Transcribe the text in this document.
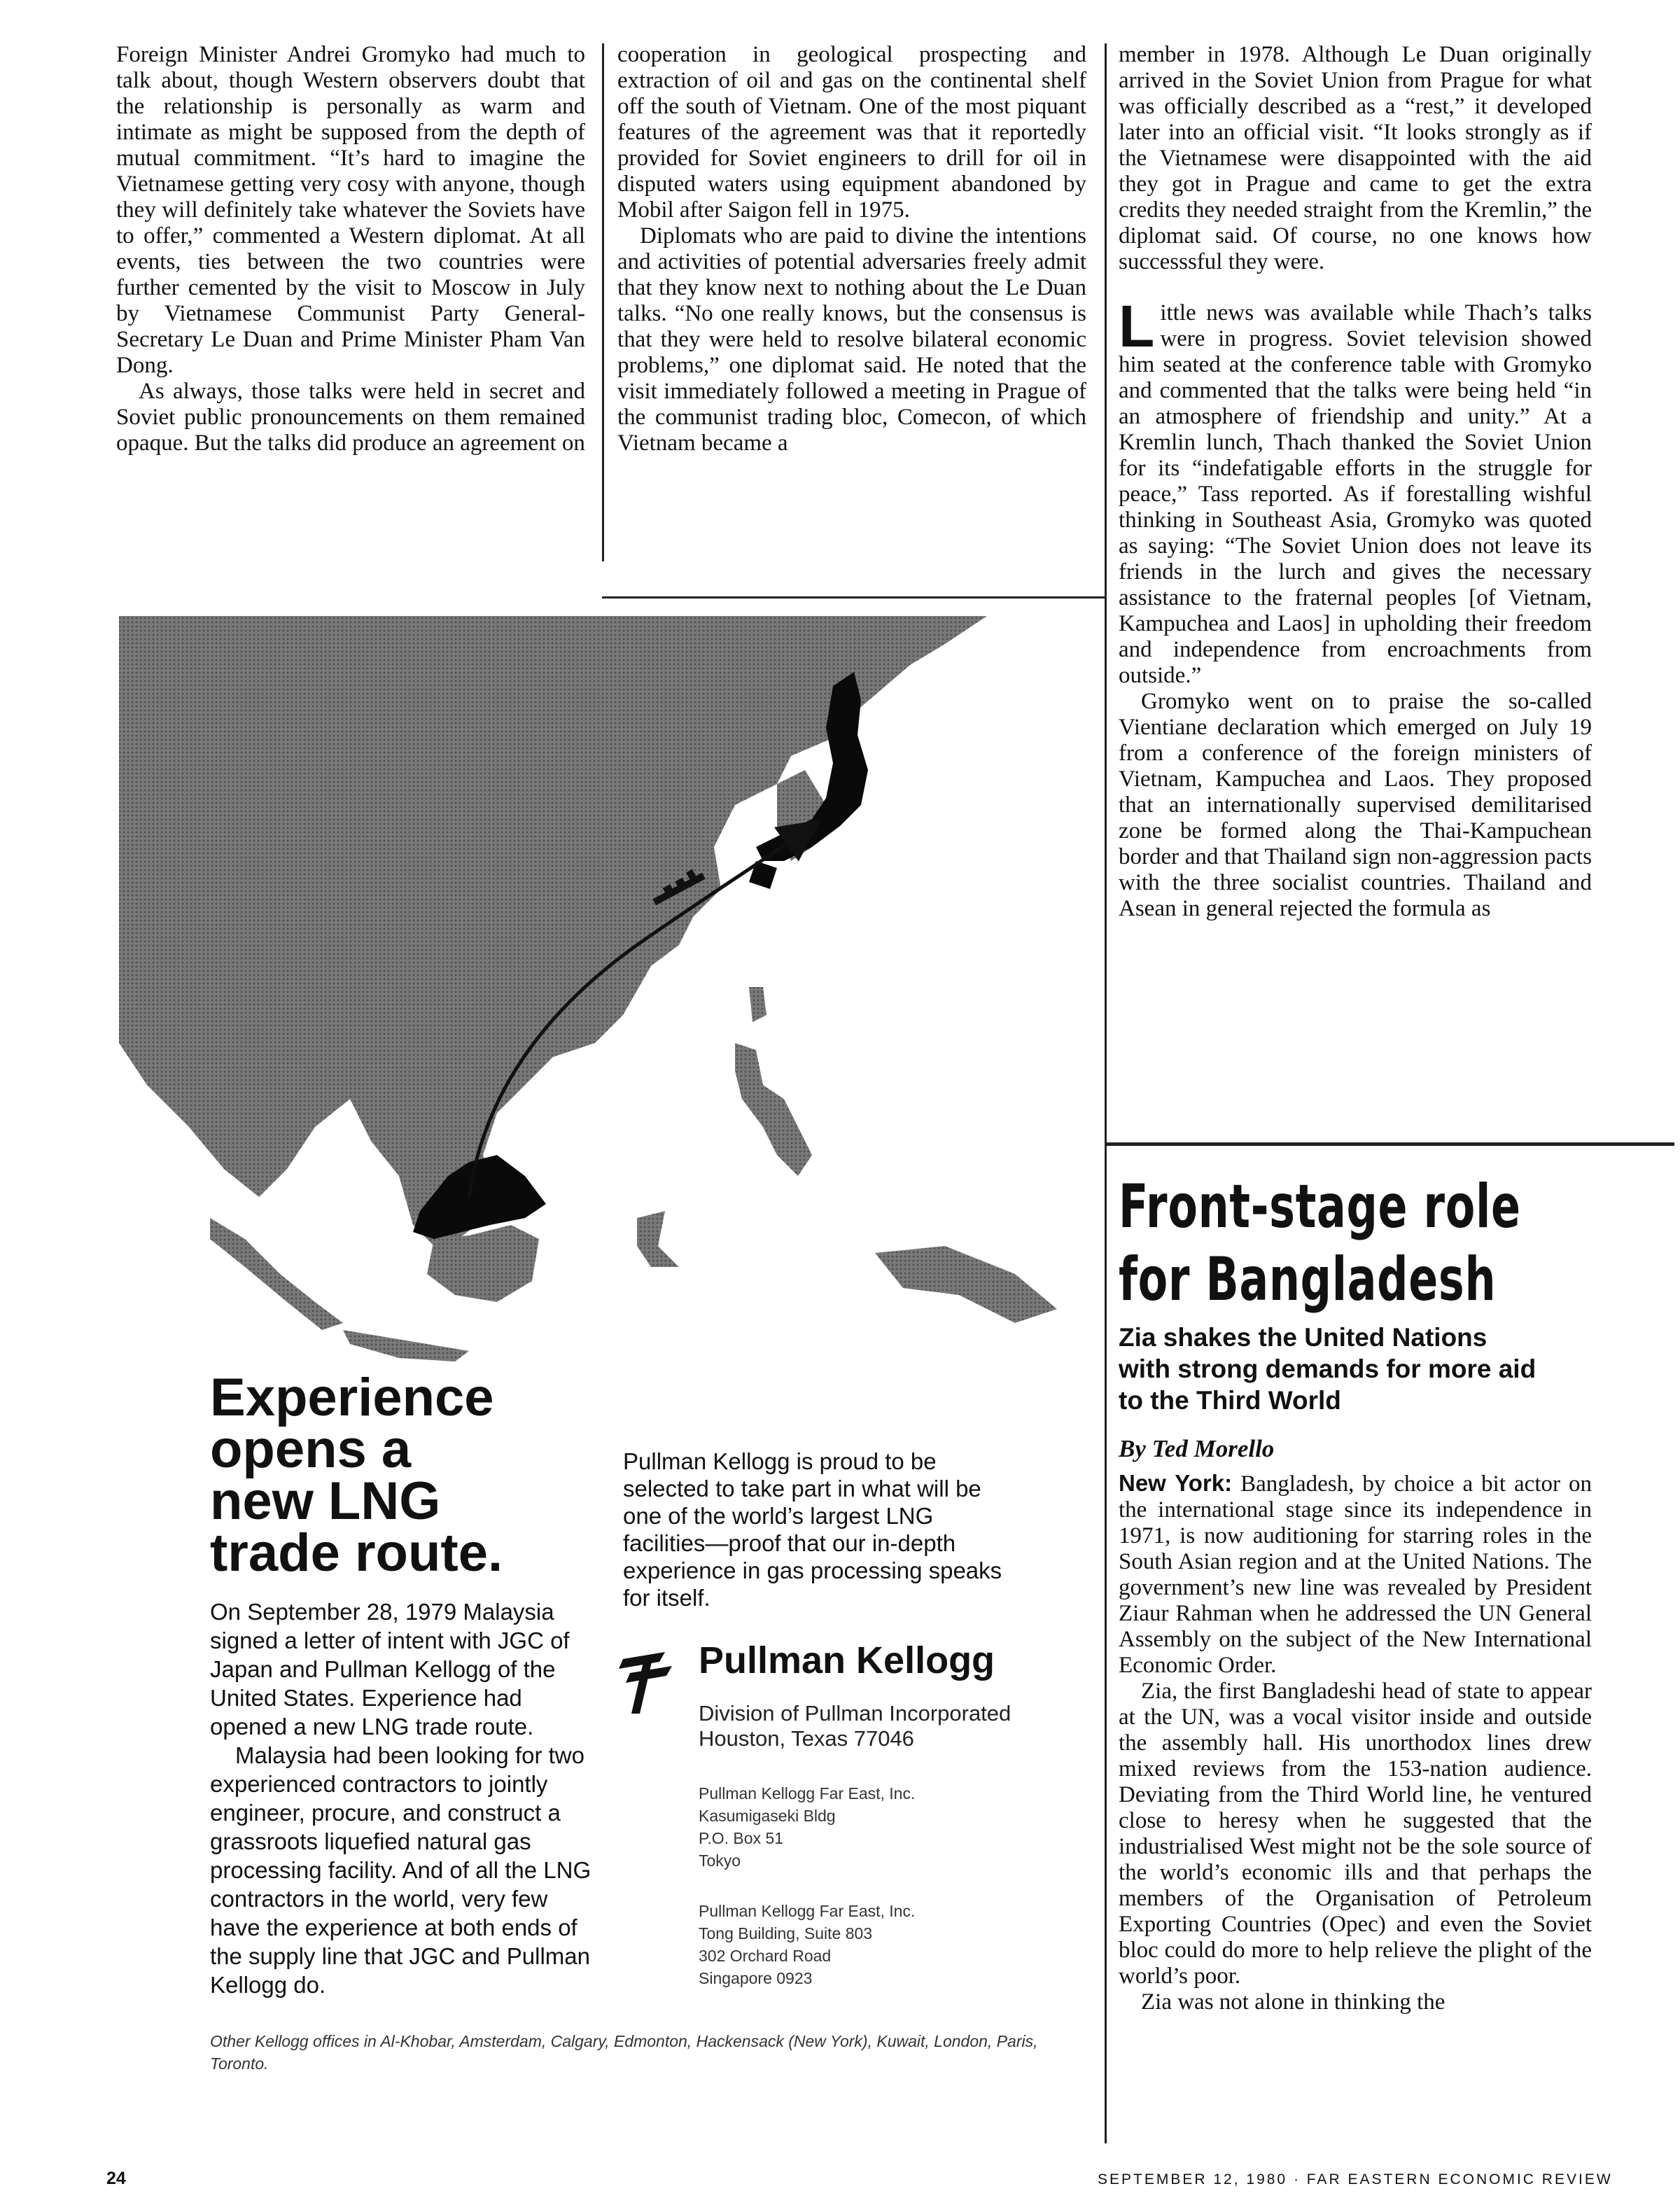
Foreign Minister Andrei Gromyko had much to talk about, though Western observers doubt that the relationship is personally as warm and intimate as might be supposed from the depth of mutual commitment. “It’s hard to imagine the Vietnamese getting very cosy with anyone, though they will definitely take whatever the Soviets have to offer,” commented a Western diplomat. At all events, ties between the two countries were further cemented by the visit to Moscow in July by Vietnamese Communist Party General-Secretary Le Duan and Prime Minister Pham Van Dong.

As always, those talks were held in secret and Soviet public pronouncements on them remained opaque. But the talks did produce an agreement on

cooperation in geological prospecting and extraction of oil and gas on the continental shelf off the south of Vietnam. One of the most piquant features of the agreement was that it reportedly provided for Soviet engineers to drill for oil in disputed waters using equipment abandoned by Mobil after Saigon fell in 1975.

Diplomats who are paid to divine the intentions and activities of potential adversaries freely admit that they know next to nothing about the Le Duan talks. “No one really knows, but the consensus is that they were held to resolve bilateral economic problems,” one diplomat said. He noted that the visit immediately followed a meeting in Prague of the communist trading bloc, Comecon, of which Vietnam became a

member in 1978. Although Le Duan originally arrived in the Soviet Union from Prague for what was officially described as a “rest,” it developed later into an official visit. “It looks strongly as if the Vietnamese were disappointed with the aid they got in Prague and came to get the extra credits they needed straight from the Kremlin,” the diplomat said. Of course, no one knows how successsful they were.

Little news was available while Thach’s talks were in progress. Soviet television showed him seated at the conference table with Gromyko and commented that the talks were being held “in an atmosphere of friendship and unity.” At a Kremlin lunch, Thach thanked the Soviet Union for its “indefatigable efforts in the struggle for peace,” Tass reported. As if forestalling wishful thinking in Southeast Asia, Gromyko was quoted as saying: “The Soviet Union does not leave its friends in the lurch and gives the necessary assistance to the fraternal peoples [of Vietnam, Kampuchea and Laos] in upholding their freedom and independence from encroachments from outside.”

Gromyko went on to praise the so-called Vientiane declaration which emerged on July 19 from a conference of the foreign ministers of Vietnam, Kampuchea and Laos. They proposed that an internationally supervised demilitarised zone be formed along the Thai-Kampuchean border and that Thailand sign non-aggression pacts with the three socialist countries. Thailand and Asean in general rejected the formula as

Experience
opens a
new LNG
trade route.

On September 28, 1979 Malaysia signed a letter of intent with JGC of Japan and Pullman Kellogg of the United States. Experience had opened a new LNG trade route.

Malaysia had been looking for two experienced contractors to jointly engineer, procure, and construct a grassroots liquefied natural gas processing facility. And of all the LNG contractors in the world, very few have the experience at both ends of the supply line that JGC and Pullman Kellogg do.

Pullman Kellogg is proud to be selected to take part in what will be one of the world’s largest LNG facilities—proof that our in-depth experience in gas processing speaks for itself.

Pullman Kellogg

Division of Pullman Incorporated
Houston, Texas 77046

Pullman Kellogg Far East, Inc.
Kasumigaseki Bldg
P.O. Box 51
Tokyo

Pullman Kellogg Far East, Inc.
Tong Building, Suite 803
302 Orchard Road
Singapore 0923

Other Kellogg offices in Al-Khobar, Amsterdam, Calgary, Edmonton, Hackensack (New York), Kuwait, London, Paris, Toronto.

Front-stage role
for Bangladesh

Zia shakes the United Nations with strong demands for more aid to the Third World

By Ted Morello

New York: Bangladesh, by choice a bit actor on the international stage since its independence in 1971, is now auditioning for starring roles in the South Asian region and at the United Nations. The government’s new line was revealed by President Ziaur Rahman when he addressed the UN General Assembly on the subject of the New International Economic Order.

Zia, the first Bangladeshi head of state to appear at the UN, was a vocal visitor inside and outside the assembly hall. His unorthodox lines drew mixed reviews from the 153-nation audience. Deviating from the Third World line, he ventured close to heresy when he suggested that the industrialised West might not be the sole source of the world’s economic ills and that perhaps the members of the Organisation of Petroleum Exporting Countries (Opec) and even the Soviet bloc could do more to help relieve the plight of the world’s poor.

Zia was not alone in thinking the

24	SEPTEMBER 12, 1980 · FAR EASTERN ECONOMIC REVIEW
